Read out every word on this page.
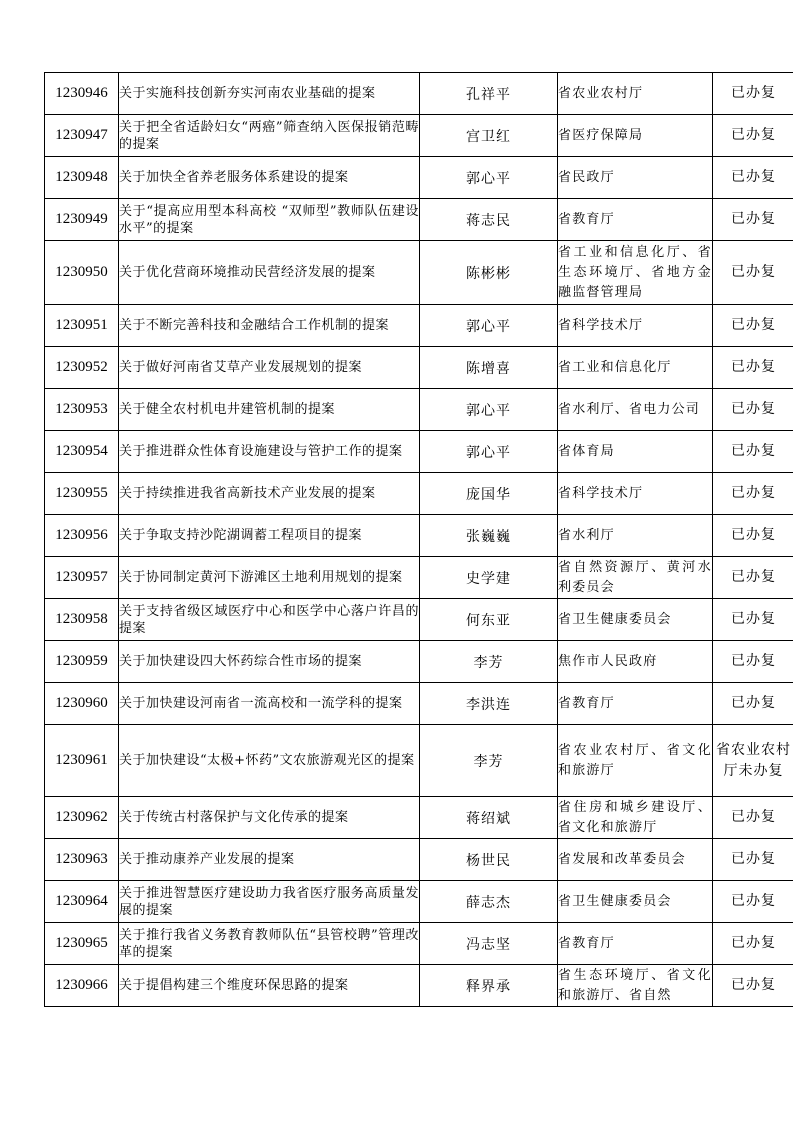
1230946	关于实施科技创新夯实河南农业基础的提案	孔祥平	省农业农村厅	已办复
1230947	关于把全省适龄妇女“两癌”筛查纳入医保报销范畴的提案	宫卫红	省医疗保障局	已办复
1230948	关于加快全省养老服务体系建设的提案	郭心平	省民政厅	已办复
1230949	关于“提高应用型本科高校 “双师型”教师队伍建设水平”的提案	蒋志民	省教育厅	已办复
1230950	关于优化营商环境推动民营经济发展的提案	陈彬彬	省工业和信息化厅、省生态环境厅、省地方金融监督管理局	已办复
1230951	关于不断完善科技和金融结合工作机制的提案	郭心平	省科学技术厅	已办复
1230952	关于做好河南省艾草产业发展规划的提案	陈增喜	省工业和信息化厅	已办复
1230953	关于健全农村机电井建管机制的提案	郭心平	省水利厅、省电力公司	已办复
1230954	关于推进群众性体育设施建设与管护工作的提案	郭心平	省体育局	已办复
1230955	关于持续推进我省高新技术产业发展的提案	庞国华	省科学技术厅	已办复
1230956	关于争取支持沙陀湖调蓄工程项目的提案	张巍巍	省水利厅	已办复
1230957	关于协同制定黄河下游滩区土地利用规划的提案	史学建	省自然资源厅、黄河水利委员会	已办复
1230958	关于支持省级区域医疗中心和医学中心落户许昌的提案	何东亚	省卫生健康委员会	已办复
1230959	关于加快建设四大怀药综合性市场的提案	李芳	焦作市人民政府	已办复
1230960	关于加快建设河南省一流高校和一流学科的提案	李洪连	省教育厅	已办复
1230961	关于加快建设“太极+怀药”文农旅游观光区的提案	李芳	省农业农村厅、省文化和旅游厅	省农业农村厅未办复

1230962	关于传统古村落保护与文化传承的提案	蒋绍斌	省住房和城乡建设厅、省文化和旅游厅	已办复
1230963	关于推动康养产业发展的提案	杨世民	省发展和改革委员会	已办复
1230964	关于推进智慧医疗建设助力我省医疗服务高质量发展的提案	薛志杰	省卫生健康委员会	已办复
1230965	关于推行我省义务教育教师队伍“县管校聘”管理改革的提案	冯志坚	省教育厅	已办复
1230966	关于提倡构建三个维度环保思路的提案	释界承	省生态环境厅、省文化和旅游厅、省自然	已办复
